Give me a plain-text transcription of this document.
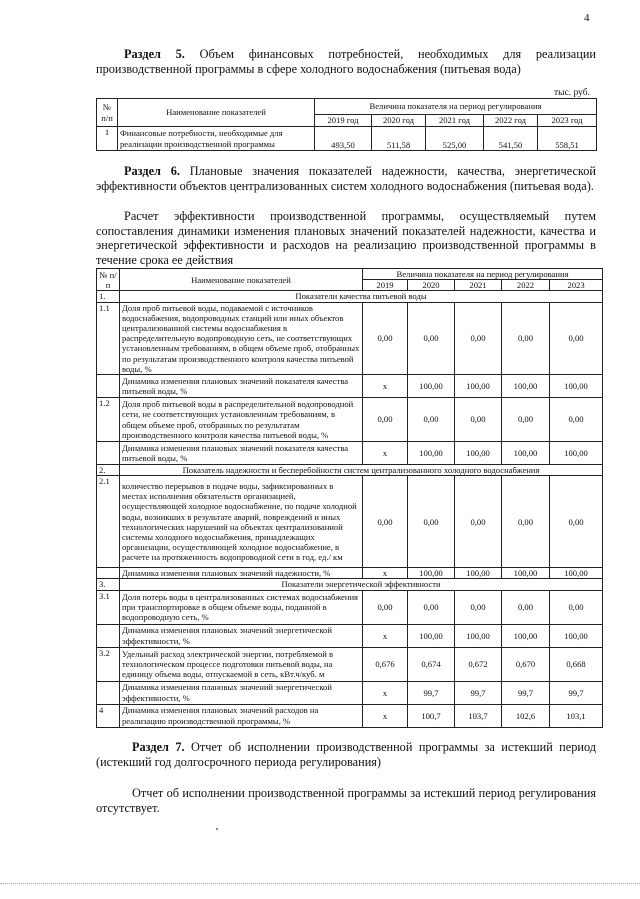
4
Раздел 5. Объем финансовых потребностей, необходимых для реализации производственной программы в сфере холодного водоснабжения (питьевая вода)
тыс. руб.
№ п/п	Наименование показателей	Величина показателя на период регулирования				
		2019 год	2020 год	2021 год	2022 год	2023 год
1	Финансовые потребности, необходимые для реализации производственной программы	493,50	511,58	525,00	541,50	558,51
Раздел 6. Плановые значения показателей надежности, качества, энергетической эффективности объектов централизованных систем холодного водоснабжения (питьевая вода).
Расчет эффективности производственной программы, осуществляемый путем сопоставления динамики изменения плановых значений показателей надежности, качества и энергетической эффективности и расходов на реализацию производственной программы в течение срока ее действия
№ п/п	Наименование показателей	Величина показателя на период регулирования				
		2019	2020	2021	2022	2023
1.	Показатели качества питьевой воды					
1.1	Доля проб питьевой воды, подаваемой с источников водоснабжения, водопроводных станций или иных объектов централизованной системы водоснабжения в распределительную водопроводную сеть, не соответствующих установленным требованиям, в общем объеме проб, отобранных по результатам производственного контроля качества питьевой воды, %	0,00	0,00	0,00	0,00	0,00
	Динамика изменения плановых значений показателя качества питьевой воды, %	х	100,00	100,00	100,00	100,00
1.2	Доля проб питьевой воды в распределительной водопроводной сети, не соответствующих установленным требованиям, в общем объеме проб, отобранных по результатам производственного контроля качества питьевой воды, %	0,00	0,00	0,00	0,00	0,00
	Динамика изменения плановых значений показателя качества питьевой воды, %	х	100,00	100,00	100,00	100,00
2.	Показатель надежности и бесперебойности систем централизованного холодного водоснабжения					
2.1	количество перерывов в подаче воды, зафиксированных в местах исполнения обязательств организацией, осуществляющей холодное водоснабжение, по подаче холодной воды, возникших в результате аварий, повреждений и иных технологических нарушений на объектах централизованной системы холодного водоснабжения, принадлежащих организации, осуществляющей холодное водоснабжение, в расчете на протяженность водопроводной сети в год, ед./ км	0,00	0,00	0,00	0,00	0,00
	Динамика изменения плановых значений надежности, %	х	100,00	100,00	100,00	100,00
3.	Показатели энергетической эффективности					
3.1	Доля потерь воды в централизованных системах водоснабжения при транспортировке в общем объеме воды, поданной в водопроводную сеть, %	0,00	0,00	0,00	0,00	0,00
	Динамика изменения плановых значений энергетической эффективности, %	х	100,00	100,00	100,00	100,00
3.2	Удельный расход электрической энергии, потребляемой в технологическом процессе подготовки питьевой воды, на единицу объема воды, отпускаемой в сеть, кВт.ч/куб. м	0,676	0,674	0,672	0,670	0,668
	Динамика изменения плановых значений энергетической эффективности, %	х	99,7	99,7	99,7	99,7
4	Динамика изменения плановых значений расходов на реализацию производственной программы, %	х	100,7	103,7	102,6	103,1
Раздел 7. Отчет об исполнении производственной программы за истекший период (истекший год долгосрочного периода регулирования)
Отчет об исполнении производственной программы за истекший период регулирования отсутствует.
